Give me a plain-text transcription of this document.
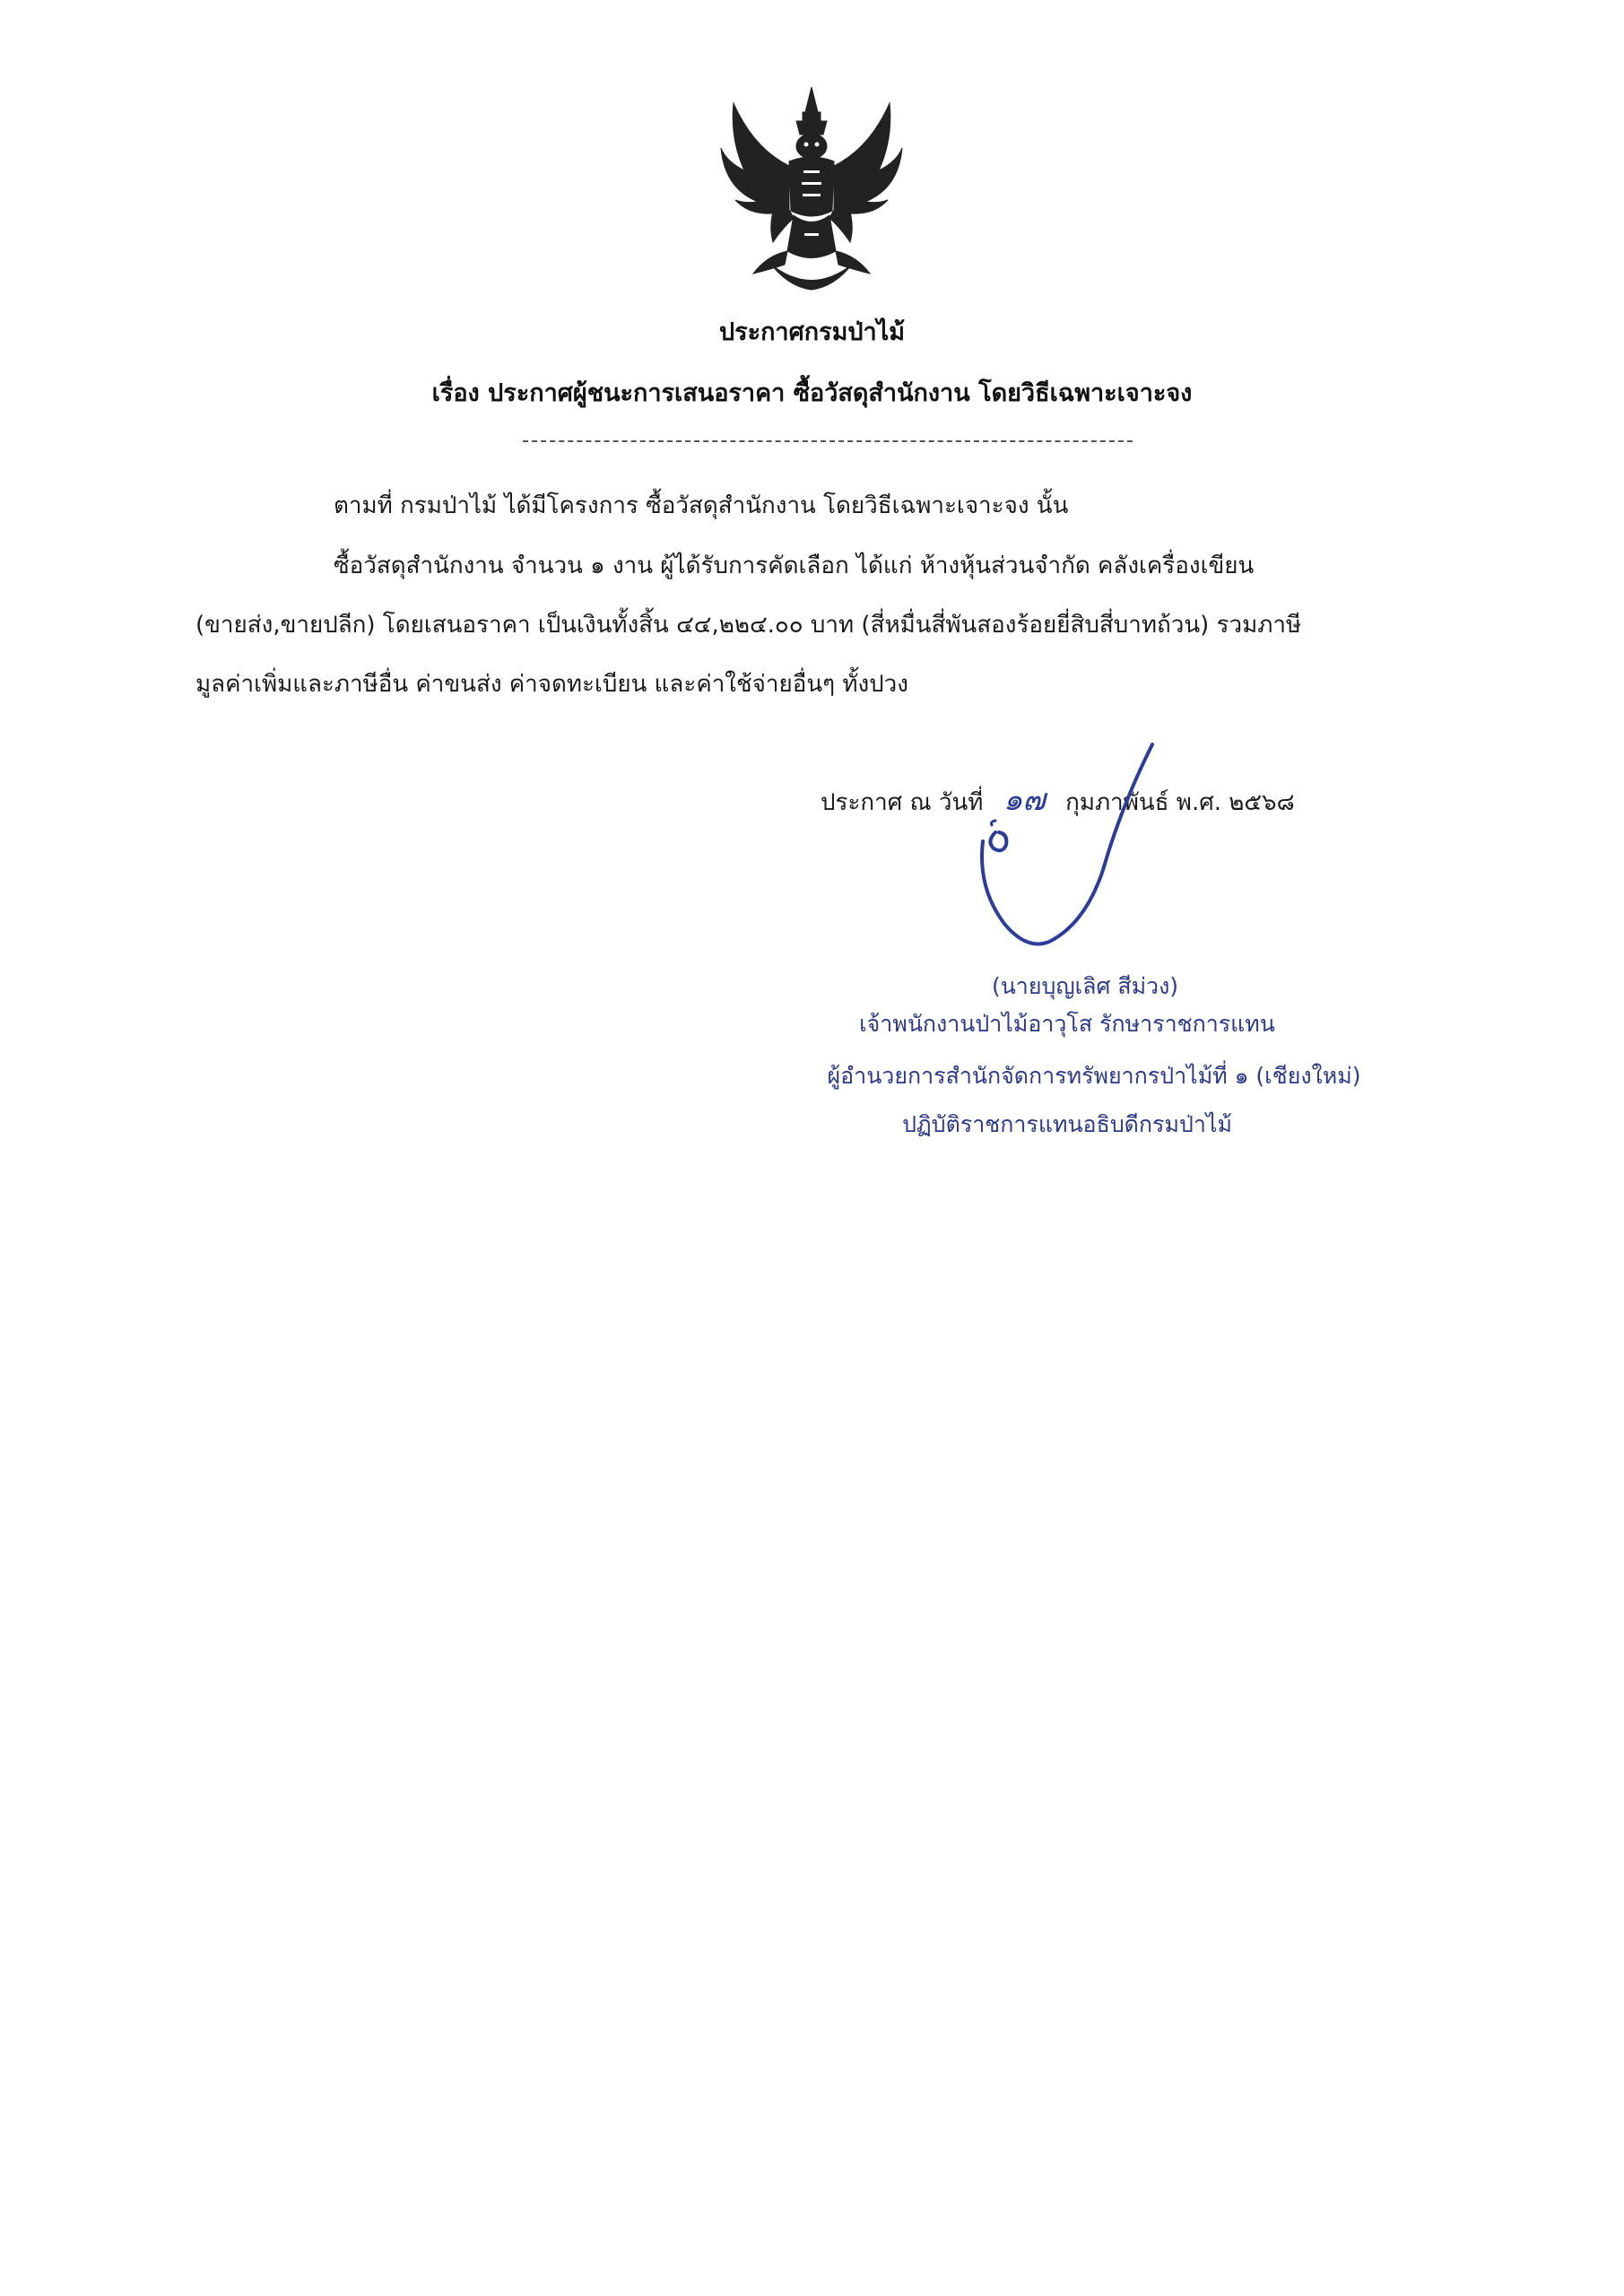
ประกาศกรมป่าไม้
เรื่อง ประกาศผู้ชนะการเสนอราคา ซื้อวัสดุสำนักงาน โดยวิธีเฉพาะเจาะจง
ตามที่ กรมป่าไม้ ได้มีโครงการ ซื้อวัสดุสำนักงาน โดยวิธีเฉพาะเจาะจง นั้น
ซื้อวัสดุสำนักงาน จำนวน ๑ งาน ผู้ได้รับการคัดเลือก ได้แก่ ห้างหุ้นส่วนจำกัด คลังเครื่องเขียน
(ขายส่ง,ขายปลีก) โดยเสนอราคา เป็นเงินทั้งสิ้น ๔๔,๒๒๔.๐๐ บาท (สี่หมื่นสี่พันสองร้อยยี่สิบสี่บาทถ้วน) รวมภาษี
มูลค่าเพิ่มและภาษีอื่น ค่าขนส่ง ค่าจดทะเบียน และค่าใช้จ่ายอื่นๆ ทั้งปวง
ประกาศ ณ วันที่ ๑๗ กุมภาพันธ์ พ.ศ. ๒๕๖๘
(นายบุญเลิศ สีม่วง)
เจ้าพนักงานป่าไม้อาวุโส รักษาราชการแทน
ผู้อำนวยการสำนักจัดการทรัพยากรป่าไม้ที่ ๑ (เชียงใหม่)
ปฏิบัติราชการแทนอธิบดีกรมป่าไม้
